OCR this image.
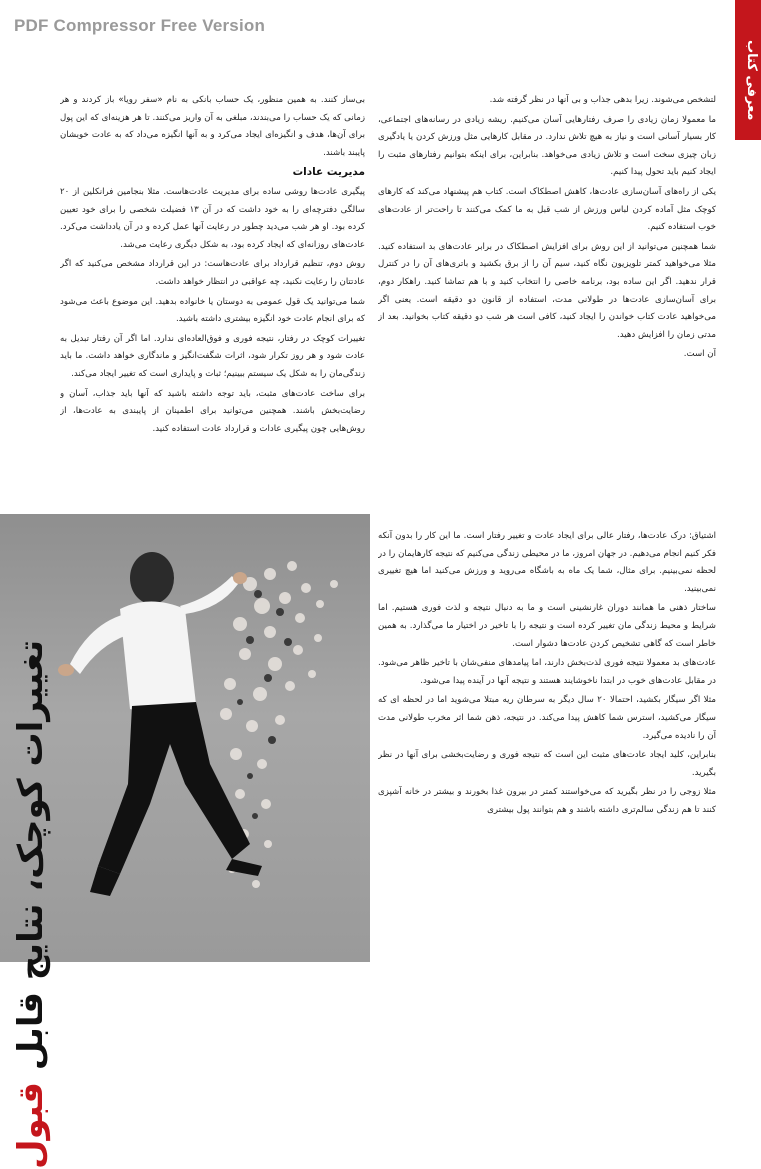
PDF Compressor Free Version
معرفی کتاب

بی‌ساز کنند. به همین منظور، یک حساب بانکی به نام «سفر رویا» باز کردند و هر زمانی که یک حساب را می‌بندند، مبلغی به آن واریز می‌کنند. تا هر هزینه‌ای که این پول برای آن‌ها، هدف و انگیزه‌ای ایجاد می‌کرد و به آنها انگیزه می‌داد که به عادت خوبشان پایبند باشند.

مدیریت عادات

پیگیری عادت‌ها روشی ساده برای مدیریت عادت‌هاست. مثلا بنجامین فرانکلین از ۲۰ سالگی دفترچه‌ای را به خود داشت که در آن ۱۳ فضیلت شخصی را برای خود تعیین کرده بود. او هر شب می‌دید چطور در رعایت آنها عمل کرده و در آن یادداشت می‌کرد. عادت‌های روزانه‌ای که ایجاد کرده بود، به شکل دیگری رعایت می‌شد.

روش دوم، تنظیم قرارداد برای عادت‌هاست: در این قرارداد مشخص می‌کنید که اگر عادتتان را رعایت نکنید، چه عواقبی در انتظار خواهد داشت.

شما می‌توانید یک قول عمومی به دوستان یا خانواده بدهید. این موضوع باعث می‌شود که برای انجام عادت خود انگیزه بیشتری داشته باشید.

تغییرات کوچک در رفتار، نتیجه فوری و فوق‌العاده‌ای ندارد. اما اگر آن رفتار تبدیل به عادت شود و هر روز تکرار شود، اثرات شگفت‌انگیز و ماندگاری خواهد داشت. ما باید زندگی‌مان را به شکل یک سیستم ببینیم؛ ثبات و پایداری است که تغییر ایجاد می‌کند.

برای ساخت عادت‌های مثبت، باید توجه داشته باشید که آنها باید جذاب، آسان و رضایت‌بخش باشند. همچنین می‌توانید برای اطمینان از پایبندی به عادت‌ها، از روش‌هایی چون پیگیری عادات و قرارداد عادت استفاده کنید.

لتشخص می‌شوند. زیرا بدهی جذاب و بی آنها در نظر گرفته شد.

ما معمولا زمان زیادی را صرف رفتارهایی آسان می‌کنیم. ریشه زیادی در رسانه‌های اجتماعی، کار بسیار آسانی است و نیاز به هیچ تلاش ندارد. در مقابل کارهایی مثل ورزش کردن یا یادگیری زبان چیزی سخت است و تلاش زیادی می‌خواهد. بنابراین، برای اینکه بتوانیم رفتارهای مثبت را ایجاد کنیم باید تحول پیدا کنیم.

یکی از راه‌های آسان‌سازی عادت‌ها، کاهش اصطکاک است. کتاب هم پیشنهاد می‌کند که کارهای کوچک مثل آماده کردن لباس ورزش از شب قبل به ما کمک می‌کنند تا راحت‌تر از عادت‌های خوب استفاده کنیم.

شما همچنین می‌توانید از این روش برای افزایش اصطکاک در برابر عادت‌های بد استفاده کنید. مثلا می‌خواهید کمتر تلویزیون نگاه کنید، سیم آن را از برق بکشید و باتری‌های آن را در کنترل قرار ندهید. اگر این ساده بود، برنامه خاصی را انتخاب کنید و با هم تماشا کنید. راهکار دوم، برای آسان‌سازی عادت‌ها در طولانی مدت، استفاده از قانون دو دقیقه است. یعنی اگر می‌خواهید عادت کتاب خواندن را ایجاد کنید، کافی است هر شب دو دقیقه کتاب بخوانید. بعد از مدتی زمان را افزایش دهید.

آن است.

اشتیاق: درک عادت‌ها، رفتار عالی برای ایجاد عادت و تغییر رفتار است. ما این کار را بدون آنکه فکر کنیم انجام می‌دهیم. در جهان امروز، ما در محیطی زندگی می‌کنیم که نتیجه کارهایمان را در لحظه نمی‌بینیم. برای مثال، شما یک ماه به باشگاه می‌روید و ورزش می‌کنید اما هیچ تغییری نمی‌بینید.

ساختار ذهنی ما همانند دوران غارنشینی است و ما به دنبال نتیجه و لذت فوری هستیم. اما شرایط و محیط زندگی مان تغییر کرده است و نتیجه را با تاخیر در اختیار ما می‌گذارد. به همین خاطر است که گاهی تشخیص کردن عادت‌ها دشوار است.

عادت‌های بد معمولا نتیجه فوری لذت‌بخش دارند، اما پیامدهای منفی‌شان با تاخیر ظاهر می‌شود. در مقابل عادت‌های خوب در ابتدا ناخوشایند هستند و نتیجه آنها در آینده پیدا می‌شود.

مثلا اگر سیگار بکشید، احتمالا ۲۰ سال دیگر به سرطان ریه مبتلا می‌شوید اما در لحظه ای که سیگار می‌کشید، استرس شما کاهش پیدا می‌کند. در نتیجه، ذهن شما اثر مخرب طولانی مدت آن را نادیده می‌گیرد.

بنابراین، کلید ایجاد عادت‌های مثبت این است که نتیجه فوری و رضایت‌بخشی برای آنها در نظر بگیرید.

مثلا زوجی را در نظر بگیرید که می‌خواستند کمتر در بیرون غذا بخورند و بیشتر در خانه آشپزی کنند تا هم زندگی سالم‌تری داشته باشند و هم بتوانند پول بیشتری

تغییرات کوچک، نتایج قابل قبول
